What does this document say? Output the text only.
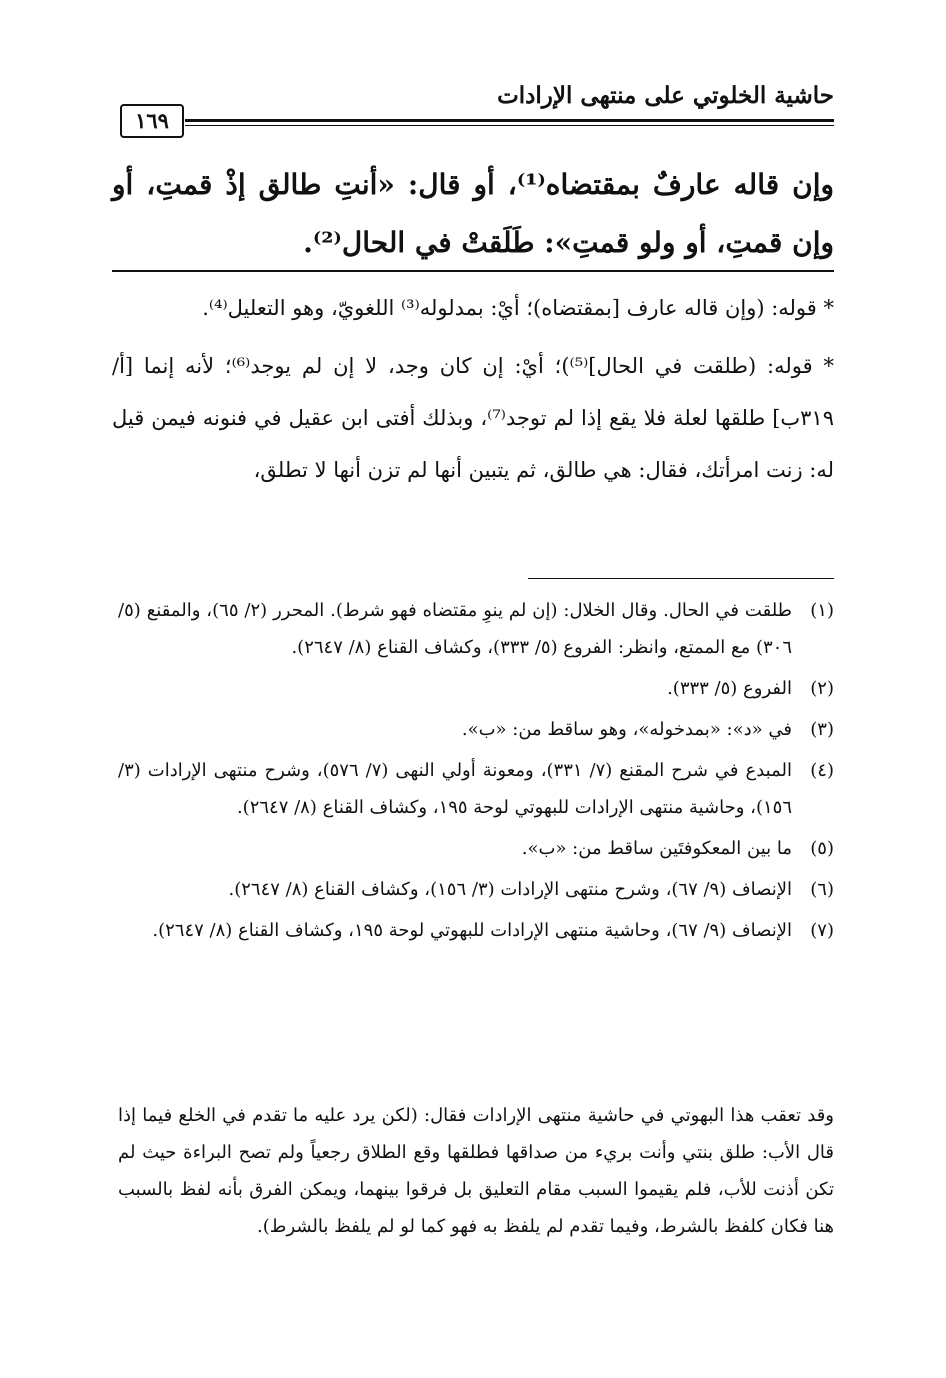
حاشية الخلوتي على منتهى الإرادات
١٦٩
وإن قاله عارفٌ بمقتضاه⁽¹⁾، أو قال: «أنتِ طالق إذْ قمتِ، أو وإن قمتِ، أو ولو قمتِ»: طَلَقتْ في الحال⁽²⁾.

* قوله: (وإن قاله عارف [بمقتضاه)؛ أيْ: بمدلوله⁽³⁾ اللغويّ، وهو التعليل⁽⁴⁾.

* قوله: (طلقت في الحال]⁽⁵⁾)؛ أيْ: إن كان وجد، لا إن لم يوجد⁽⁶⁾؛ لأنه إنما [أ/ ٣١٩ب] طلقها لعلة فلا يقع إذا لم توجد⁽⁷⁾، وبذلك أفتى ابن عقيل في فنونه فيمن قيل له: زنت امرأتك، فقال: هي طالق، ثم يتبين أنها لم تزن أنها لا تطلق،

(١)
طلقت في الحال. وقال الخلال: (إن لم ينوِ مقتضاه فهو شرط). المحرر (٢/ ٦٥)، والمقنع (٥/ ٣٠٦) مع الممتع، وانظر: الفروع (٥/ ٣٣٣)، وكشاف القناع (٨/ ٢٦٤٧).
(٢)
الفروع (٥/ ٣٣٣).
(٣)
في «د»: «بمدخوله»، وهو ساقط من: «ب».
(٤)
المبدع في شرح المقنع (٧/ ٣٣١)، ومعونة أولي النهى (٧/ ٥٧٦)، وشرح منتهى الإرادات (٣/ ١٥٦)، وحاشية منتهى الإرادات للبهوتي لوحة ١٩٥، وكشاف القناع (٨/ ٢٦٤٧).
(٥)
ما بين المعكوفتَين ساقط من: «ب».
(٦)
الإنصاف (٩/ ٦٧)، وشرح منتهى الإرادات (٣/ ١٥٦)، وكشاف القناع (٨/ ٢٦٤٧).
(٧)
الإنصاف (٩/ ٦٧)، وحاشية منتهى الإرادات للبهوتي لوحة ١٩٥، وكشاف القناع (٨/ ٢٦٤٧).
وقد تعقب هذا البهوتي في حاشية منتهى الإرادات فقال: (لكن يرد عليه ما تقدم في الخلع فيما إذا قال الأب: طلق بنتي وأنت بريء من صداقها فطلقها وقع الطلاق رجعياً ولم تصح البراءة حيث لم تكن أذنت للأب، فلم يقيموا السبب مقام التعليق بل فرقوا بينهما، ويمكن الفرق بأنه لفظ بالسبب هنا فكان كلفظ بالشرط، وفيما تقدم لم يلفظ به فهو كما لو لم يلفظ بالشرط).
